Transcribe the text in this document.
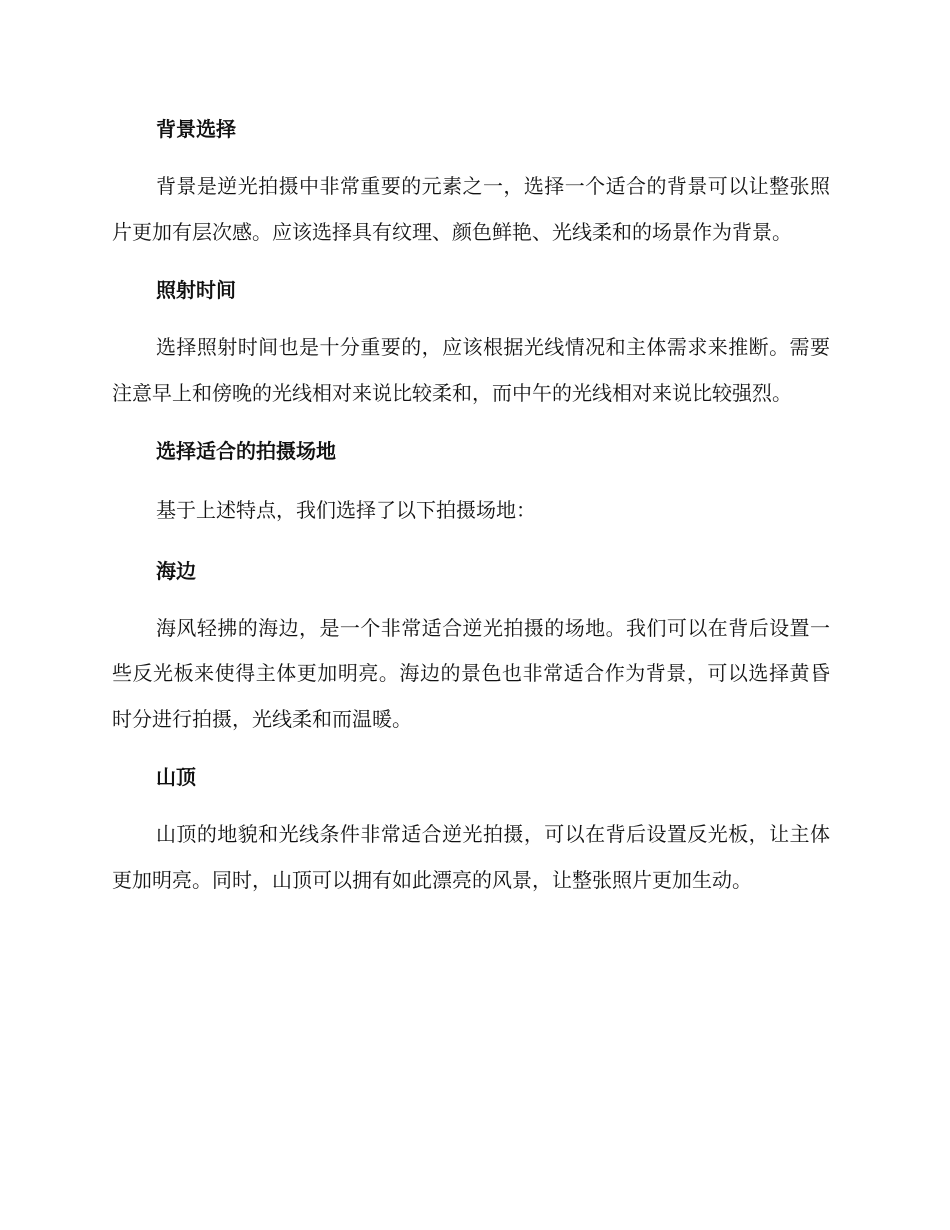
背景选择

背景是逆光拍摄中非常重要的元素之一，选择一个适合的背景可以让整张照片更加有层次感。应该选择具有纹理、颜色鲜艳、光线柔和的场景作为背景。

照射时间

选择照射时间也是十分重要的，应该根据光线情况和主体需求来推断。需要注意早上和傍晚的光线相对来说比较柔和，而中午的光线相对来说比较强烈。

选择适合的拍摄场地

基于上述特点，我们选择了以下拍摄场地：

海边

海风轻拂的海边，是一个非常适合逆光拍摄的场地。我们可以在背后设置一些反光板来使得主体更加明亮。海边的景色也非常适合作为背景，可以选择黄昏时分进行拍摄，光线柔和而温暖。

山顶

山顶的地貌和光线条件非常适合逆光拍摄，可以在背后设置反光板，让主体更加明亮。同时，山顶可以拥有如此漂亮的风景，让整张照片更加生动。
